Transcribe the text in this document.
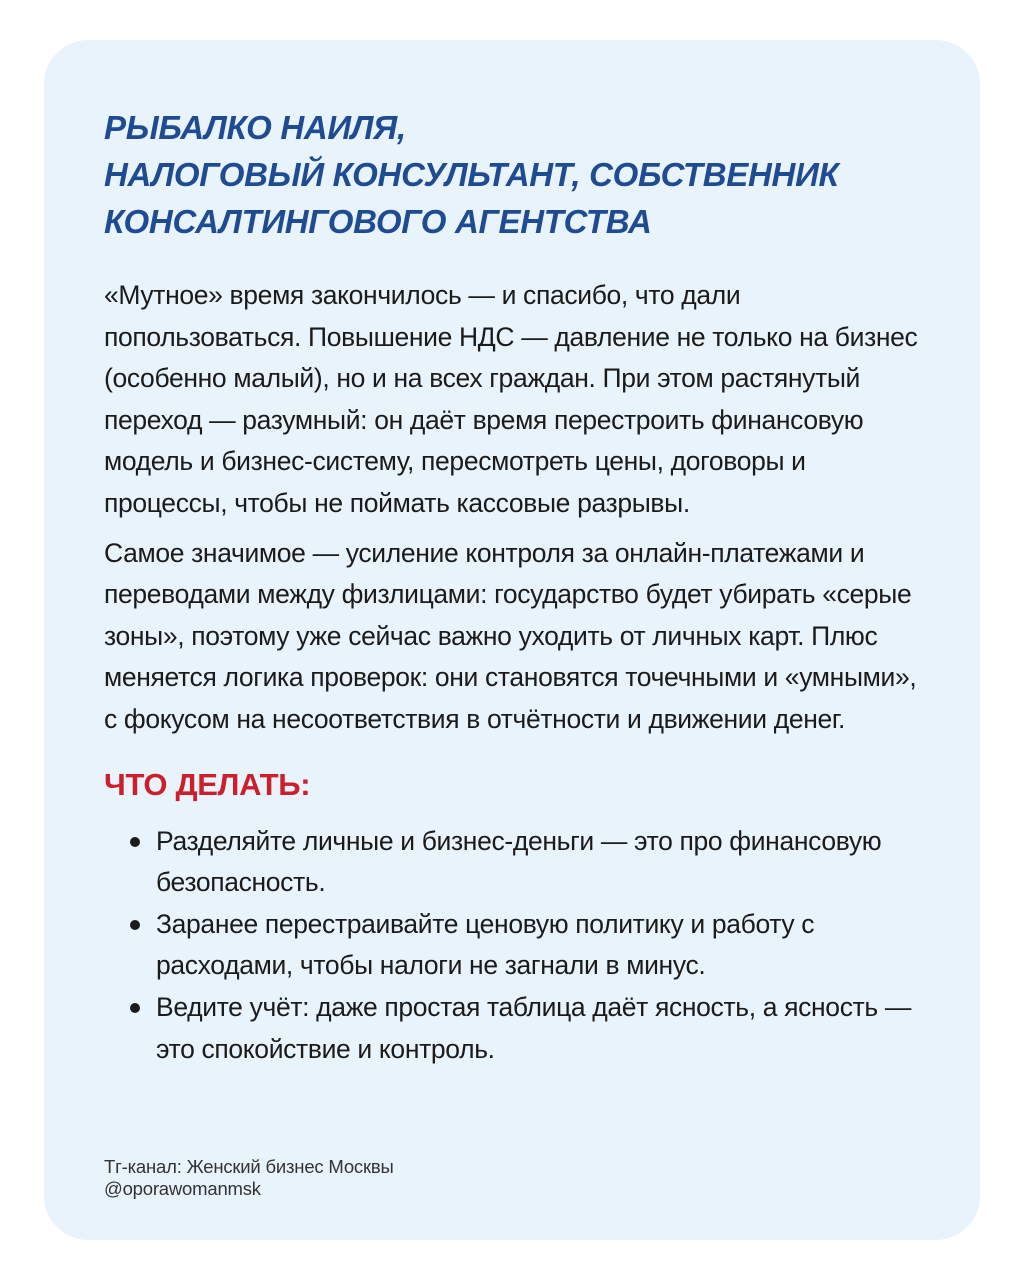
РЫБАЛКО НАИЛЯ,
НАЛОГОВЫЙ КОНСУЛЬТАНТ, СОБСТВЕННИК
КОНСАЛТИНГОВОГО АГЕНТСТВА

«Мутное» время закончилось — и спасибо, что дали попользоваться. Повышение НДС — давление не только на бизнес (особенно малый), но и на всех граждан. При этом растянутый переход — разумный: он даёт время перестроить финансовую модель и бизнес-систему, пересмотреть цены, договоры и процессы, чтобы не поймать кассовые разрывы.

Самое значимое — усиление контроля за онлайн-платежами и переводами между физлицами: государство будет убирать «серые зоны», поэтому уже сейчас важно уходить от личных карт. Плюс меняется логика проверок: они становятся точечными и «умными», с фокусом на несоответствия в отчётности и движении денег.

ЧТО ДЕЛАТЬ:
Разделяйте личные и бизнес-деньги — это про финансовую безопасность.
Заранее перестраивайте ценовую политику и работу с расходами, чтобы налоги не загнали в минус.
Ведите учёт: даже простая таблица даёт ясность, а ясность — это спокойствие и контроль.
Тг-канал: Женский бизнес Москвы
@oporawomanmsk
